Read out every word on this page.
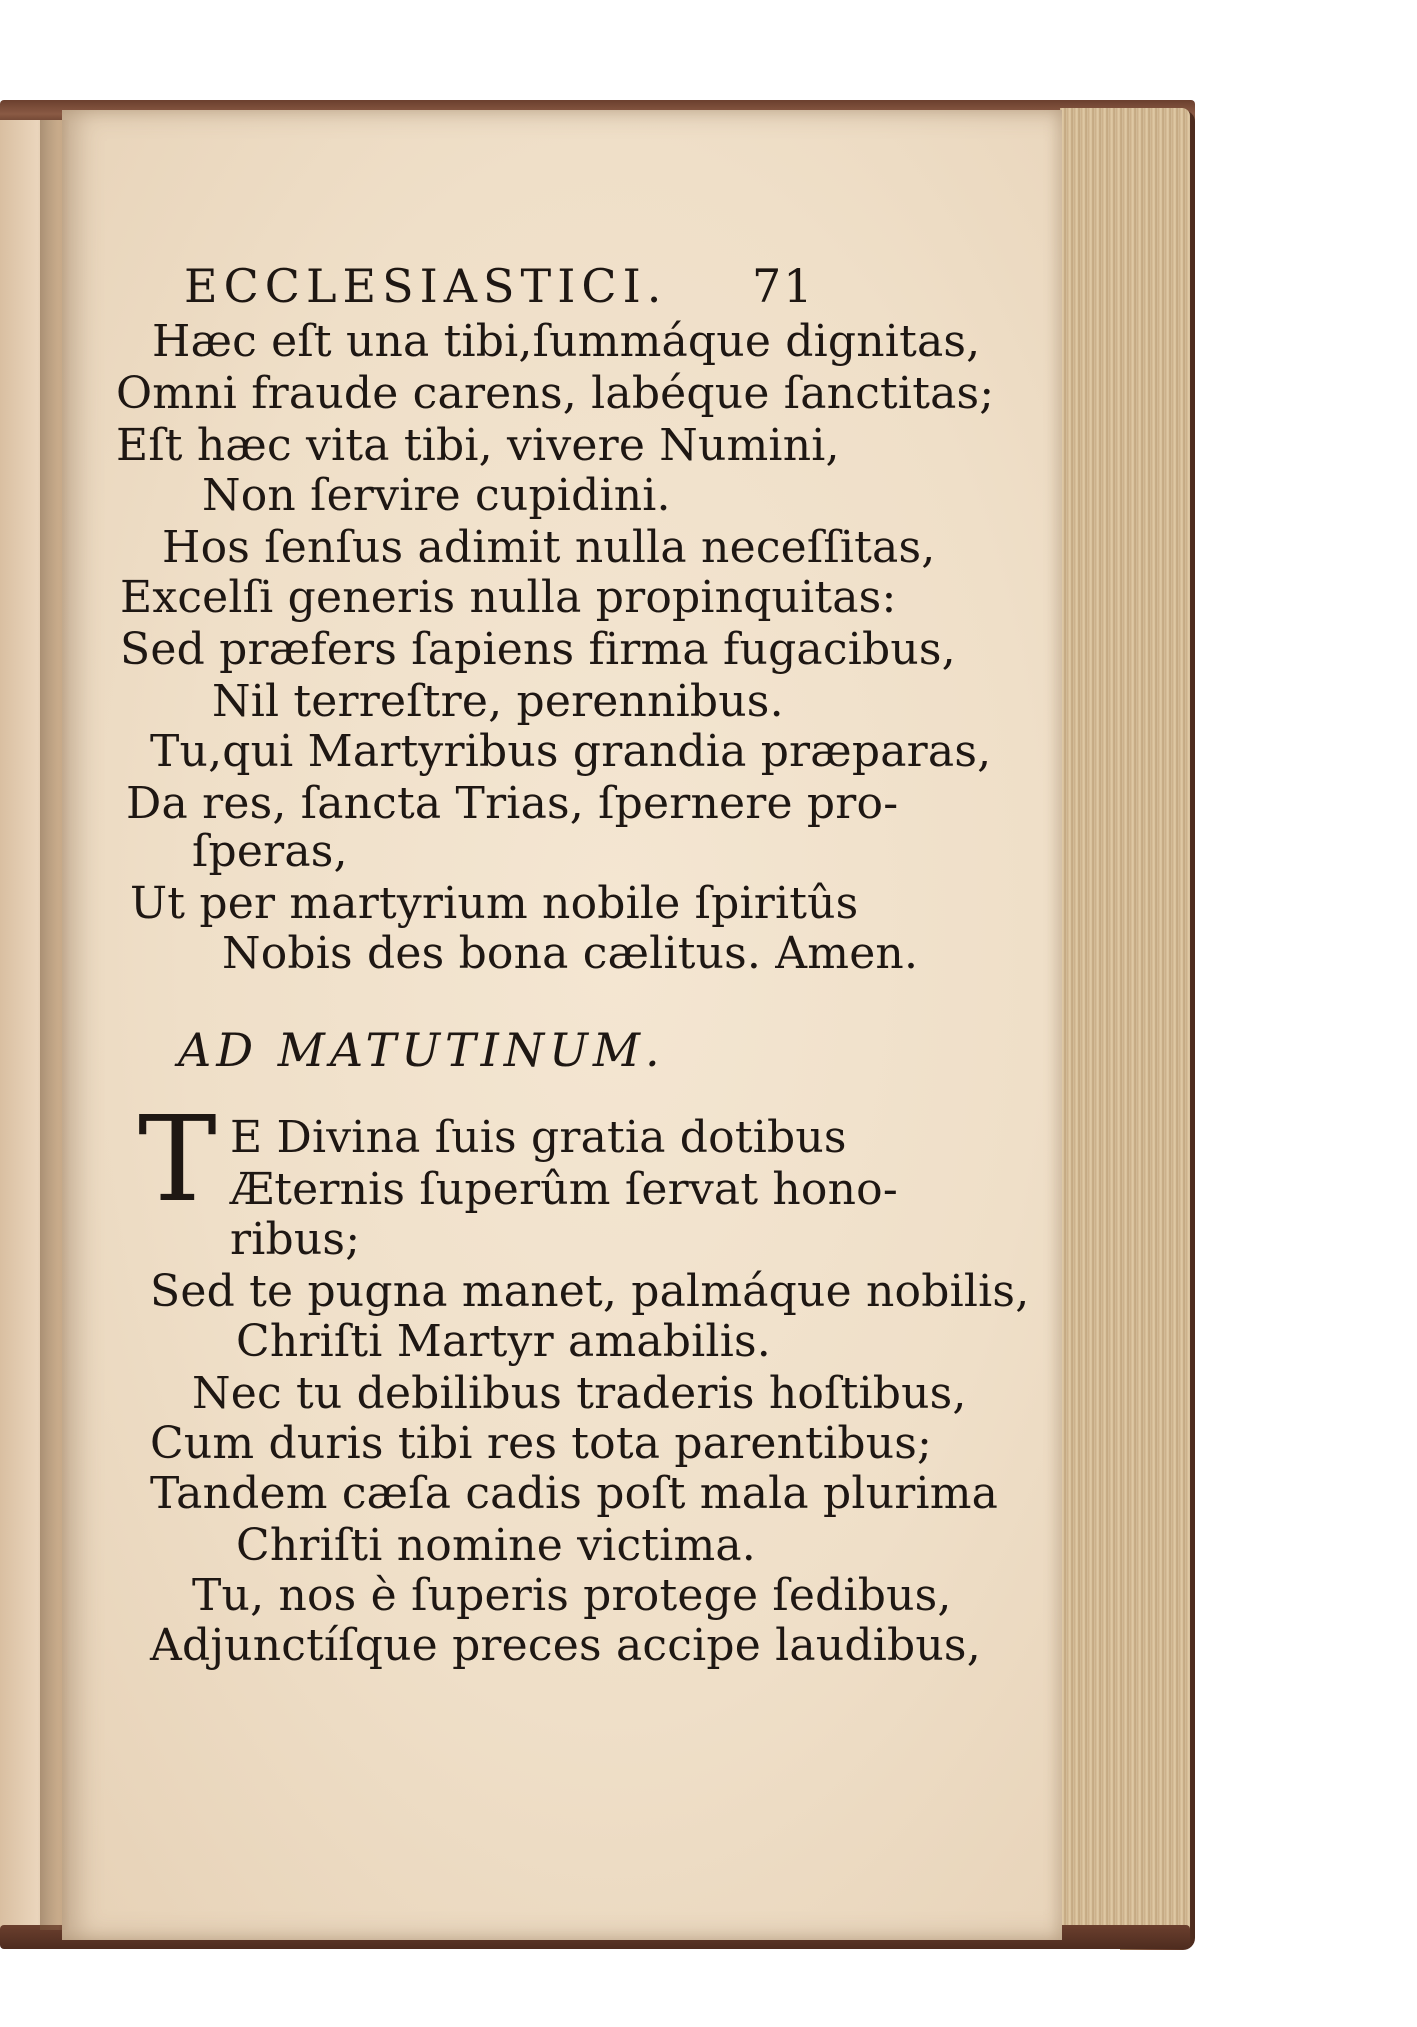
ECCLESIASTICI. 71
Hæc eſt una tibi,ſummáque dignitas,
Omni fraude carens, labéque ſanctitas;
Eſt hæc vita tibi, vivere Numini,
Non ſervire cupidini.
Hos ſenſus adimit nulla neceſſitas,
Excelſi generis nulla propinquitas:
Sed præfers ſapiens firma fugacibus,
Nil terreſtre, perennibus.
Tu,qui Martyribus grandia præparas,
Da res, ſancta Trias, ſpernere pro-
ſperas,
Ut per martyrium nobile ſpiritûs
Nobis des bona cælitus. Amen.
AD MATUTINUM.
T E Divina ſuis gratia dotibus
Æternis ſuperûm ſervat hono-
ribus;
Sed te pugna manet, palmáque nobilis,
Chriſti Martyr amabilis.
Nec tu debilibus traderis hoſtibus,
Cum duris tibi res tota parentibus;
Tandem cæſa cadis poſt mala plurima
Chriſti nomine victima.
Tu, nos è ſuperis protege ſedibus,
Adjunctíſque preces accipe laudibus,
